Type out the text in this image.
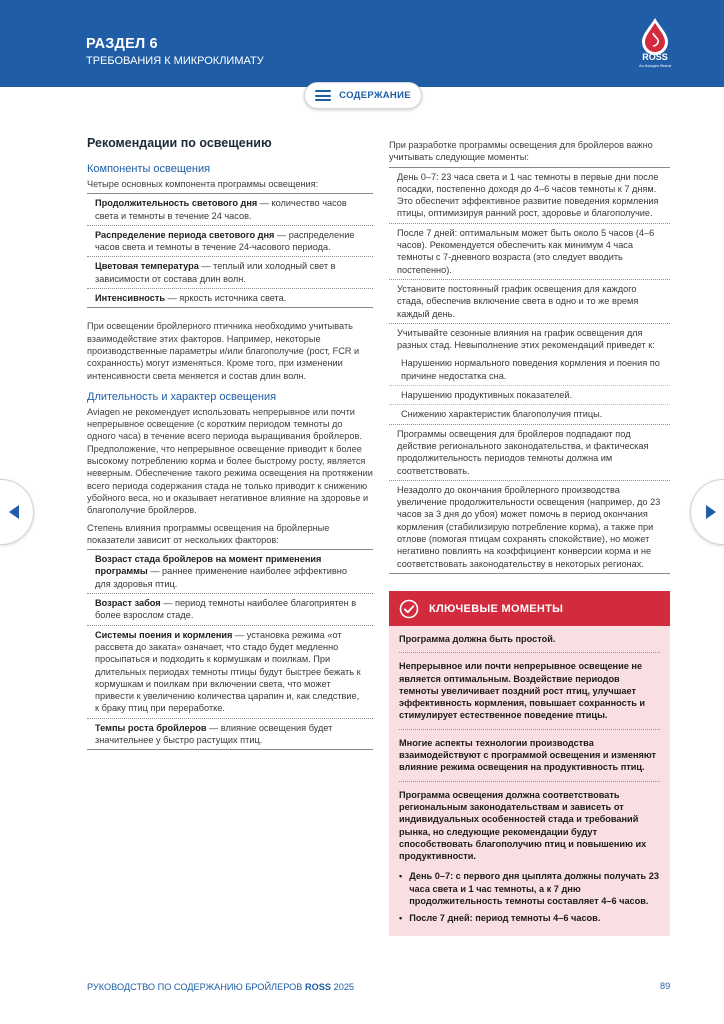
РАЗДЕЛ 6
ТРЕБОВАНИЯ К МИКРОКЛИМАТУ	ROSS
An Aviagen Brand
СОДЕРЖАНИЕ
Рекомендации по освещению
Компоненты освещения
Четыре основных компонента программы освещения:
Продолжительность светового дня — количество часов света и темноты в течение 24 часов.
Распределение периода светового дня — распределение часов света и темноты в течение 24-часового периода.
Цветовая температура — теплый или холодный свет в зависимости от состава длин волн.
Интенсивность — яркость источника света.
При освещении бройлерного птичника необходимо учитывать взаимодействие этих факторов. Например, некоторые производственные параметры и/или благополучие (рост, FCR и сохранность) могут изменяться. Кроме того, при изменении интенсивности света меняется и состав длин волн.
Длительность и характер освещения
Aviagen не рекомендует использовать непрерывное или почти непрерывное освещение (с коротким периодом темноты до одного часа) в течение всего периода выращивания бройлеров. Предположение, что непрерывное освещение приводит к более высокому потреблению корма и более быстрому росту, является неверным. Обеспечение такого режима освещения на протяжении всего периода содержания стада не только приводит к снижению убойного веса, но и оказывает негативное влияние на здоровье и благополучие бройлеров.
Степень влияния программы освещения на бройлерные показатели зависит от нескольких факторов:
Возраст стада бройлеров на момент применения программы — раннее применение наиболее эффективно для здоровья птиц.
Возраст забоя — период темноты наиболее благоприятен в более взрослом стаде.
Системы поения и кормления — установка режима «от рассвета до заката» означает, что стадо будет медленно просыпаться и подходить к кормушкам и поилкам. При длительных периодах темноты птицы будут быстрее бежать к кормушкам и поилкам при включении света, что может привести к увеличению количества царапин и, как следствие, к браку птиц при переработке.
Темпы роста бройлеров — влияние освещения будет значительнее у быстро растущих птиц.
При разработке программы освещения для бройлеров важно учитывать следующие моменты:
День 0–7: 23 часа света и 1 час темноты в первые дни после посадки, постепенно доходя до 4–6 часов темноты к 7 дням. Это обеспечит эффективное развитие поведения кормления птицы, оптимизируя ранний рост, здоровье и благополучие.
После 7 дней: оптимальным может быть около 5 часов (4–6 часов). Рекомендуется обеспечить как минимум 4 часа темноты с 7-дневного возраста (это следует вводить постепенно).
Установите постоянный график освещения для каждого стада, обеспечив включение света в одно и то же время каждый день.
Учитывайте сезонные влияния на график освещения для разных стад. Невыполнение этих рекомендаций приведет к:
Нарушению нормального поведения кормления и поения по причине недостатка сна.
Нарушению продуктивных показателей.
Снижению характеристик благополучия птицы.
Программы освещения для бройлеров подпадают под действие регионального законодательства, и фактическая продолжительность периодов темноты должна им соответствовать.
Незадолго до окончания бройлерного производства увеличение продолжительности освещения (например, до 23 часов за 3 дня до убоя) может помочь в период окончания кормления (стабилизирую потребление корма), а также при отлове (помогая птицам сохранять спокойствие), но может негативно повлиять на коэффициент конверсии корма и не соответствовать законодательству в некоторых регионах.
КЛЮЧЕВЫЕ МОМЕНТЫ
Программа должна быть простой.
Непрерывное или почти непрерывное освещение не является оптимальным. Воздействие периодов темноты увеличивает поздний рост птиц, улучшает эффективность кормления, повышает сохранность и стимулирует естественное поведение птицы.
Многие аспекты технологии производства взаимодействуют с программой освещения и изменяют влияние режима освещения на продуктивность птиц.
Программа освещения должна соответствовать региональным законодательствам и зависеть от индивидуальных особенностей стада и требований рынка, но следующие рекомендации будут способствовать благополучию птиц и повышению их продуктивности.
• День 0–7: с первого дня цыплята должны получать 23 часа света и 1 час темноты, а к 7 дню продолжительность темноты составляет 4–6 часов.
• После 7 дней: период темноты 4–6 часов.
РУКОВОДСТВО ПО СОДЕРЖАНИЮ БРОЙЛЕРОВ ROSS 2025	89
